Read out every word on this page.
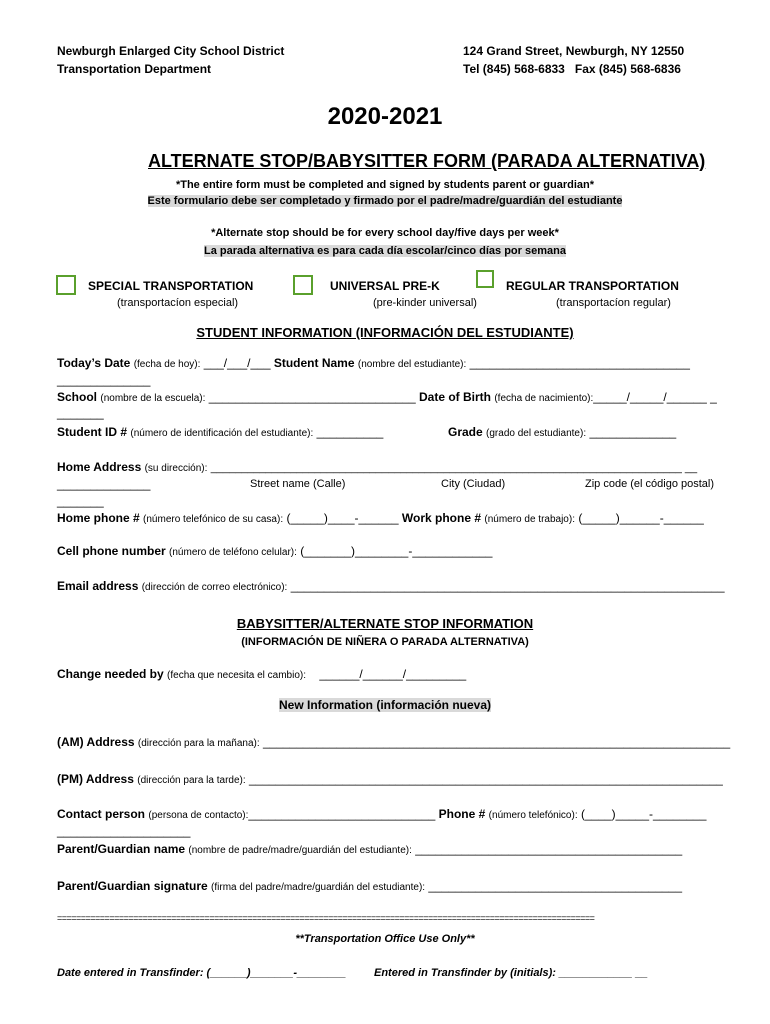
Newburgh Enlarged City School District
Transportation Department
124 Grand Street, Newburgh, NY 12550
Tel (845) 568-6833 Fax (845) 568-6836
2020-2021
ALTERNATE STOP/BABYSITTER FORM (PARADA ALTERNATIVA)
*The entire form must be completed and signed by students parent or guardian*
Este formulario debe ser completado y firmado por el padre/madre/guardián del estudiante
*Alternate stop should be for every school day/five days per week*
La parada alternativa es para cada día escolar/cinco días por semana
SPECIAL TRANSPORTATION
(transportacíon especial)
UNIVERSAL PRE-K
(pre-kinder universal)
REGULAR TRANSPORTATION
(transportacíon regular)
STUDENT INFORMATION (INFORMACIÓN DEL ESTUDIANTE)
Today’s Date (fecha de hoy): ___/___/___ Student Name (nombre del estudiante): _________________________________
______________
School (nombre de la escuela): _______________________________ Date of Birth (fecha de nacimiento):_____/_____/______ _
_______
Student ID # (número de identificación del estudiante): __________	Grade (grado del estudiante): _____________
Home Address (su dirección): _____________________________________________________________________________ __
______________
_______
Street name (Calle)	City (Ciudad)	Zip code (el código postal)
Home phone # (número telefónico de su casa): (_____)____-______ Work phone # (número de trabajo): (_____)______-______
Cell phone number (número de teléfono celular): (_______)________-____________
Email address (dirección de correo electrónico): _________________________________________________________________
BABYSITTER/ALTERNATE STOP INFORMATION
(INFORMACIÓN DE NIÑERA O PARADA ALTERNATIVA)
Change needed by (fecha que necesita el cambio): ______/______/_________
New Information (información nueva)
(AM) Address (dirección para la mañana): ______________________________________________________________________
(PM) Address (dirección para la tarde): _______________________________________________________________________
Contact person (persona de contacto):____________________________ Phone # (número telefónico): (____)_____-________
____________________
Parent/Guardian name (nombre de padre/madre/guardián del estudiante): ________________________________________
Parent/Guardian signature (firma del padre/madre/guardián del estudiante): ______________________________________
=================================================================================================================
**Transportation Office Use Only**
Date entered in Transfinder: (______)_______-________	Entered in Transfinder by (initials): ____________ __
